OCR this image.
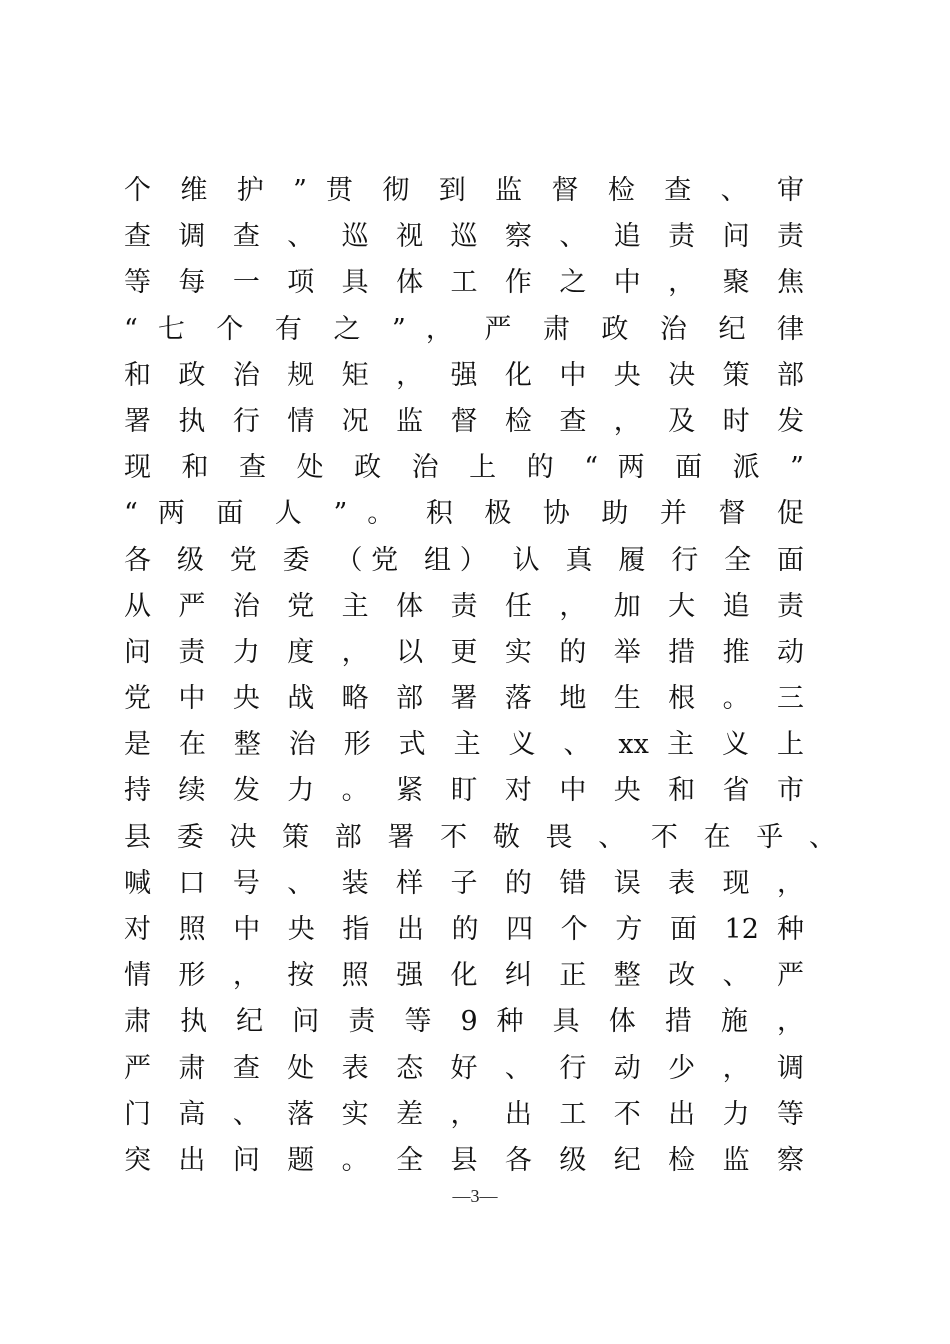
个 维 护 ” 贯 彻 到 监 督 检 查 、 审
查 调 查 、 巡 视 巡 察 、 追 责 问 责
等 每 一 项 具 体 工 作 之 中 ， 聚 焦
“ 七 个 有 之 ” ， 严 肃 政 治 纪 律
和 政 治 规 矩 ， 强 化 中 央 决 策 部
署 执 行 情 况 监 督 检 查 ， 及 时 发
现 和 查 处 政 治 上 的 “ 两 面 派 ”
“ 两 面 人 ” 。 积 极 协 助 并 督 促
各 级 党 委 （党 组） 认 真 履 行 全 面
从 严 治 党 主 体 责 任 ， 加 大 追 责
问 责 力 度 ， 以 更 实 的 举 措 推 动
党 中 央 战 略 部 署 落 地 生 根 。 三
是 在 整 治 形 式 主 义 、 xx 主 义 上
持 续 发 力 。 紧 盯 对 中 央 和 省 市
县 委 决 策 部 署 不 敬 畏 、 不 在 乎 、
喊 口 号 、 装 样 子 的 错 误 表 现 ，
对 照 中 央 指 出 的 四 个 方 面 12 种
情 形 ， 按 照 强 化 纠 正 整 改 、 严
肃 执 纪 问 责 等 9 种 具 体 措 施 ，
严 肃 查 处 表 态 好 、 行 动 少 ， 调
门 高 、 落 实 差 ， 出 工 不 出 力 等
突 出 问 题 。 全 县 各 级 纪 检 监 察
—3—
